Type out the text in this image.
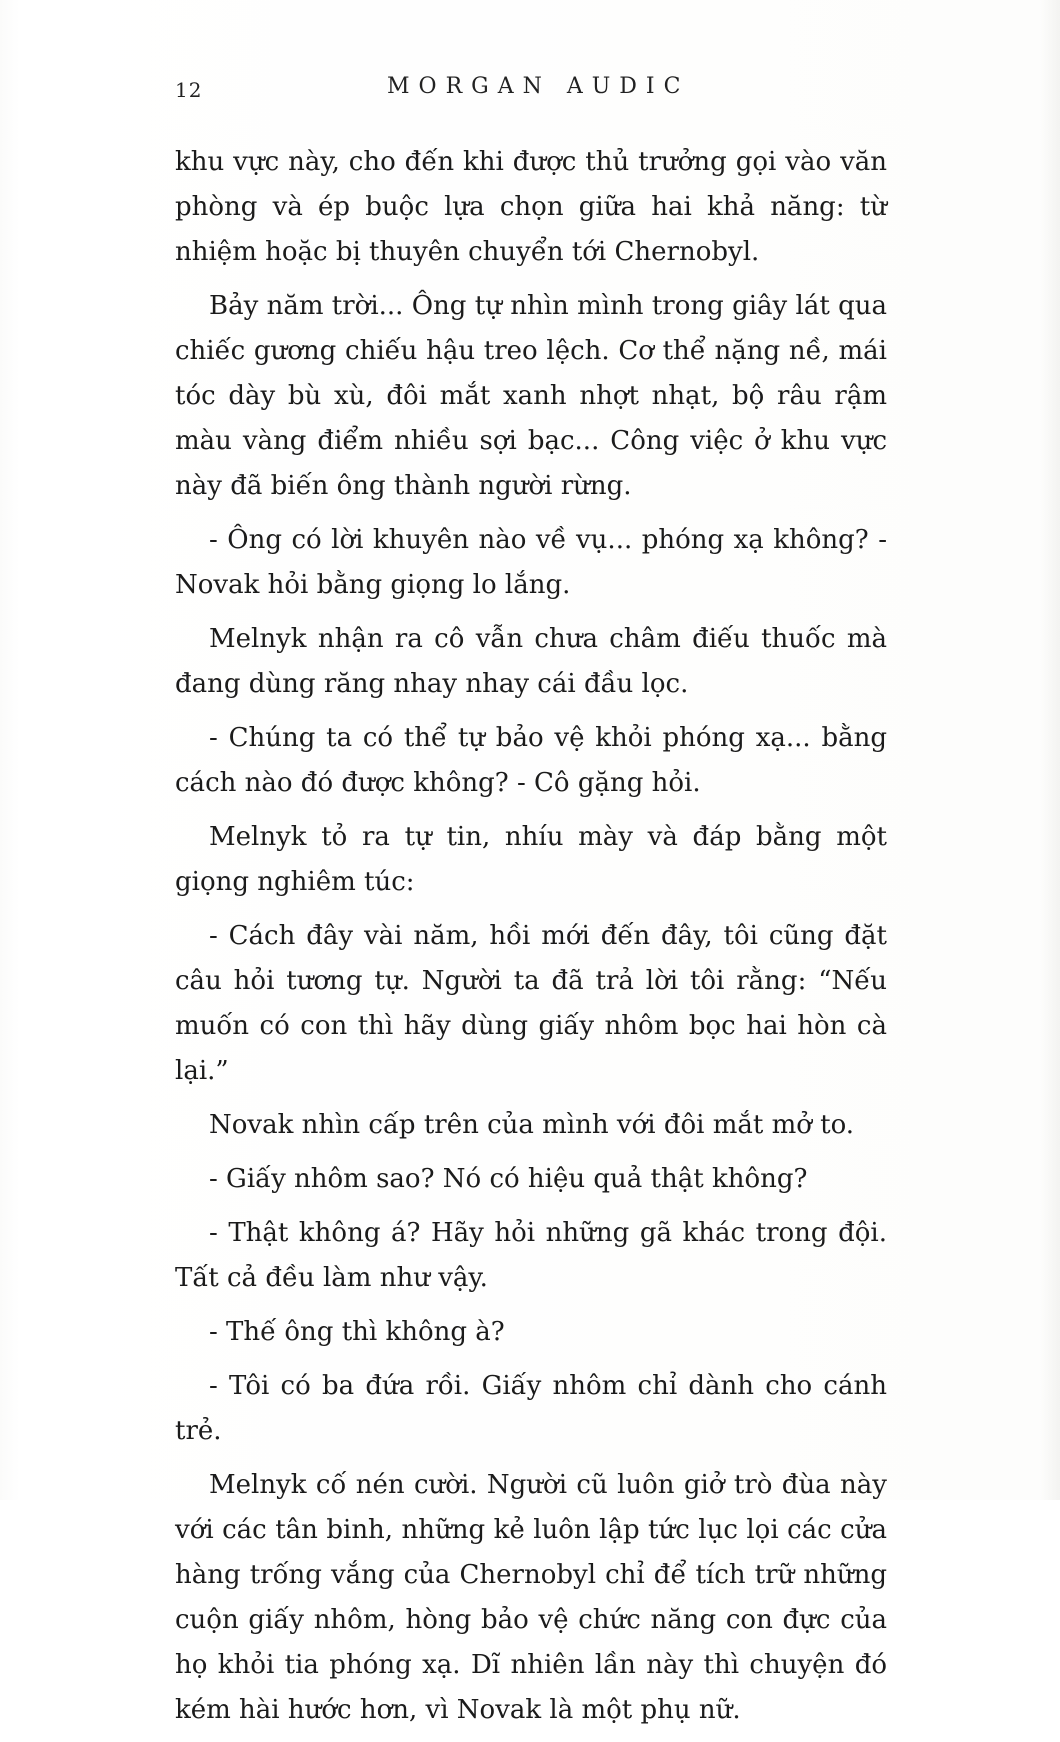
12	MORGAN AUDIC

khu vực này, cho đến khi được thủ trưởng gọi vào văn phòng và ép buộc lựa chọn giữa hai khả năng: từ nhiệm hoặc bị thuyên chuyển tới Chernobyl.

Bảy năm trời... Ông tự nhìn mình trong giây lát qua chiếc gương chiếu hậu treo lệch. Cơ thể nặng nề, mái tóc dày bù xù, đôi mắt xanh nhợt nhạt, bộ râu rậm màu vàng điểm nhiều sợi bạc... Công việc ở khu vực này đã biến ông thành người rừng.

- Ông có lời khuyên nào về vụ... phóng xạ không? - Novak hỏi bằng giọng lo lắng.

Melnyk nhận ra cô vẫn chưa châm điếu thuốc mà đang dùng răng nhay nhay cái đầu lọc.

- Chúng ta có thể tự bảo vệ khỏi phóng xạ... bằng cách nào đó được không? - Cô gặng hỏi.

Melnyk tỏ ra tự tin, nhíu mày và đáp bằng một giọng nghiêm túc:

- Cách đây vài năm, hồi mới đến đây, tôi cũng đặt câu hỏi tương tự. Người ta đã trả lời tôi rằng: “Nếu muốn có con thì hãy dùng giấy nhôm bọc hai hòn cà lại.”

Novak nhìn cấp trên của mình với đôi mắt mở to.

- Giấy nhôm sao? Nó có hiệu quả thật không?

- Thật không á? Hãy hỏi những gã khác trong đội. Tất cả đều làm như vậy.

- Thế ông thì không à?

- Tôi có ba đứa rồi. Giấy nhôm chỉ dành cho cánh trẻ.

Melnyk cố nén cười. Người cũ luôn giở trò đùa này với các tân binh, những kẻ luôn lập tức lục lọi các cửa hàng trống vắng của Chernobyl chỉ để tích trữ những cuộn giấy nhôm, hòng bảo vệ chức năng con đực của họ khỏi tia phóng xạ. Dĩ nhiên lần này thì chuyện đó kém hài hước hơn, vì Novak là một phụ nữ.
